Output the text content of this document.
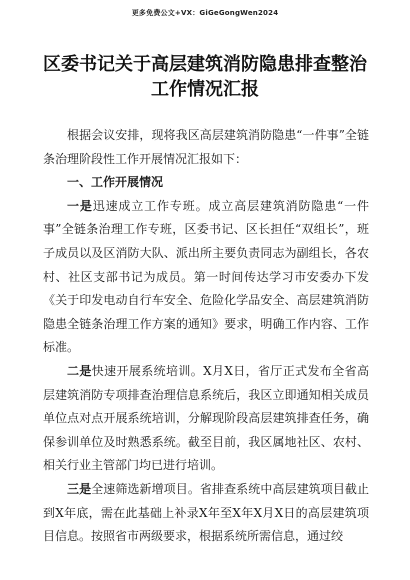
更多免费公文+VX：GiGeGongWen2024
区委书记关于高层建筑消防隐患排查整治
工作情况汇报

根据会议安排，现将我区高层建筑消防隐患“一件事”全链条治理阶段性工作开展情况汇报如下：

一、工作开展情况

一是迅速成立工作专班。成立高层建筑消防隐患“一件事”全链条治理工作专班，区委书记、区长担任“双组长”，班子成员以及区消防大队、派出所主要负责同志为副组长，各农村、社区支部书记为成员。第一时间传达学习市安委办下发《关于印发电动自行车安全、危险化学品安全、高层建筑消防隐患全链条治理工作方案的通知》要求，明确工作内容、工作标准。

二是快速开展系统培训。X月X日，省厅正式发布全省高层建筑消防专项排查治理信息系统后，我区立即通知相关成员单位点对点开展系统培训，分解现阶段高层建筑排查任务，确保参训单位及时熟悉系统。截至目前，我区属地社区、农村、相关行业主管部门均已进行培训。

三是全速筛选新增项目。省排查系统中高层建筑项目截止到X年底，需在此基础上补录X年至X年X月X日的高层建筑项目信息。按照省市两级要求，根据系统所需信息，通过绞
